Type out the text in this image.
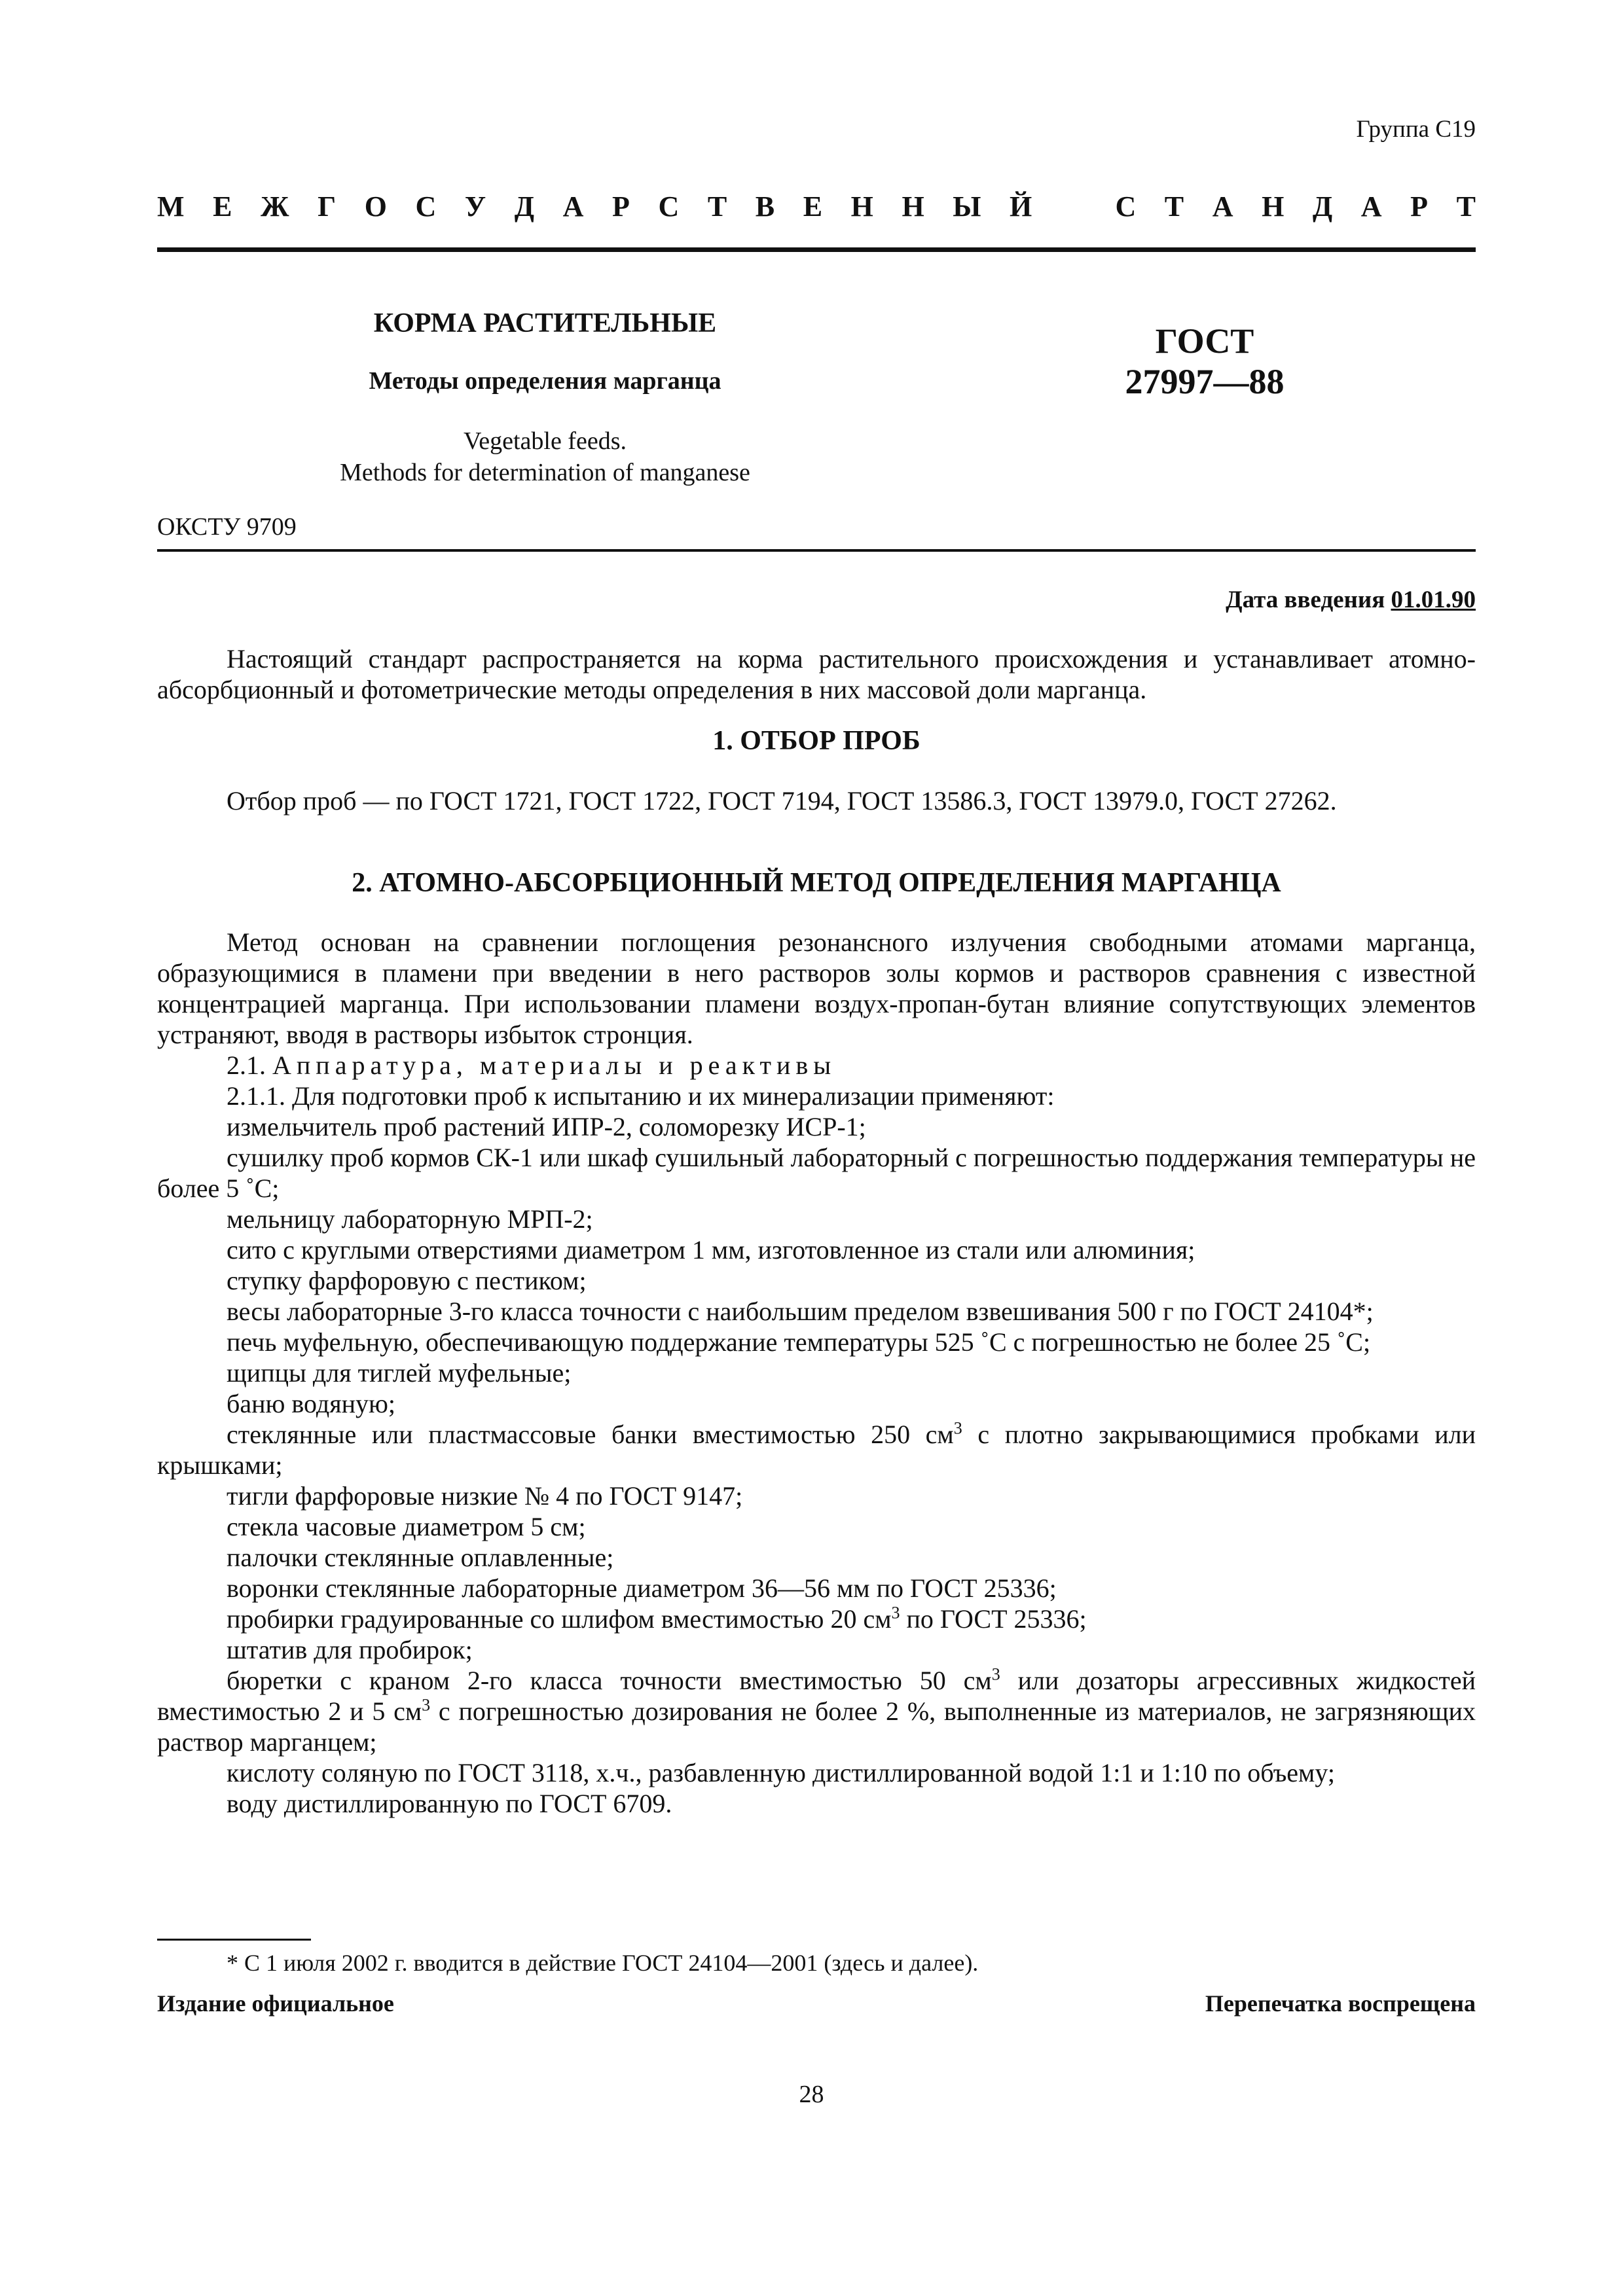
Группа С19
М Е Ж Г О С У Д А Р С Т В Е Н Н Ы Й	С Т А Н Д А Р Т
КОРМА РАСТИТЕЛЬНЫЕ
Методы определения марганца
Vegetable feeds.
Methods for determination of manganese
ГОСТ
27997—88
ОКСТУ 9709
Дата введения 01.01.90
Настоящий стандарт распространяется на корма растительного происхождения и устанавливает атомно-абсорбционный и фотометрические методы определения в них массовой доли марганца.
1. ОТБОР ПРОБ
Отбор проб — по ГОСТ 1721, ГОСТ 1722, ГОСТ 7194, ГОСТ 13586.3, ГОСТ 13979.0, ГОСТ 27262.
2. АТОМНО-АБСОРБЦИОННЫЙ МЕТОД ОПРЕДЕЛЕНИЯ МАРГАНЦА
Метод основан на сравнении поглощения резонансного излучения свободными атомами марганца, образующимися в пламени при введении в него растворов золы кормов и растворов сравнения с известной концентрацией марганца. При использовании пламени воздух-пропан-бутан влияние сопутствующих элементов устраняют, вводя в растворы избыток стронция.
2.1. Аппаратура, материалы и реактивы
2.1.1. Для подготовки проб к испытанию и их минерализации применяют:
измельчитель проб растений ИПР-2, соломорезку ИСР-1;
сушилку проб кормов СК-1 или шкаф сушильный лабораторный с погрешностью поддержания температуры не более 5 ˚С;
мельницу лабораторную МРП-2;
сито с круглыми отверстиями диаметром 1 мм, изготовленное из стали или алюминия;
ступку фарфоровую с пестиком;
весы лабораторные 3-го класса точности с наибольшим пределом взвешивания 500 г по ГОСТ 24104*;
печь муфельную, обеспечивающую поддержание температуры 525 ˚С с погрешностью не более 25 ˚С;
щипцы для тиглей муфельные;
баню водяную;
стеклянные или пластмассовые банки вместимостью 250 $см^3$ с плотно закрывающимися пробками или крышками;
тигли фарфоровые низкие № 4 по ГОСТ 9147;
стекла часовые диаметром 5 см;
палочки стеклянные оплавленные;
воронки стеклянные лабораторные диаметром 36—56 мм по ГОСТ 25336;
пробирки градуированные со шлифом вместимостью 20 $см^3$ по ГОСТ 25336;
штатив для пробирок;
бюретки с краном 2-го класса точности вместимостью 50 $см^3$ или дозаторы агрессивных жидкостей вместимостью 2 и 5 $см^3$ с погрешностью дозирования не более 2 %, выполненные из материалов, не загрязняющих раствор марганцем;
кислоту соляную по ГОСТ 3118, х.ч., разбавленную дистиллированной водой 1:1 и 1:10 по объему;
воду дистиллированную по ГОСТ 6709.
* С 1 июля 2002 г. вводится в действие ГОСТ 24104—2001 (здесь и далее).
Издание официальное	Перепечатка воспрещена
28
